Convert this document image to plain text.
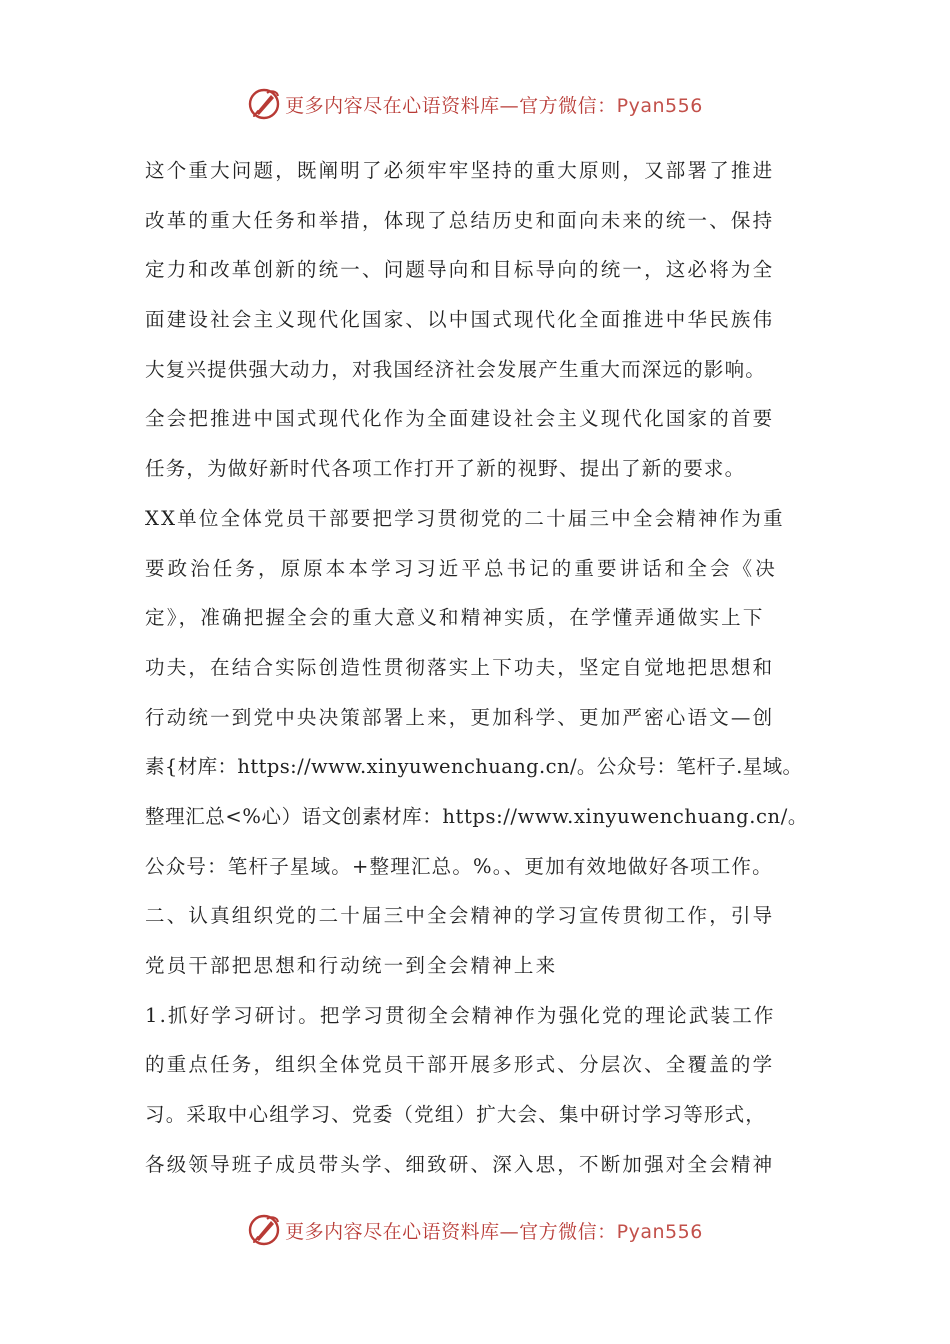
更多内容尽在心语资料库—官方微信：Pyan556
这个重大问题，既阐明了必须牢牢坚持的重大原则，又部署了推进
改革的重大任务和举措，体现了总结历史和面向未来的统一、保持
定力和改革创新的统一、问题导向和目标导向的统一，这必将为全
面建设社会主义现代化国家、以中国式现代化全面推进中华民族伟
大复兴提供强大动力，对我国经济社会发展产生重大而深远的影响。
全会把推进中国式现代化作为全面建设社会主义现代化国家的首要
任务，为做好新时代各项工作打开了新的视野、提出了新的要求。
XX单位全体党员干部要把学习贯彻党的二十届三中全会精神作为重
要政治任务，原原本本学习习近平总书记的重要讲话和全会《决
定》，准确把握全会的重大意义和精神实质，在学懂弄通做实上下
功夫，在结合实际创造性贯彻落实上下功夫，坚定自觉地把思想和
行动统一到党中央决策部署上来，更加科学、更加严密心语文—创
素{材库：https://www.xinyuwenchuang.cn/。公众号：笔杆子.星域。
整理汇总<%心）语文创素材库：https://www.xinyuwenchuang.cn/。
公众号：笔杆子星域。+整理汇总。%。、更加有效地做好各项工作。
二、认真组织党的二十届三中全会精神的学习宣传贯彻工作，引导
党员干部把思想和行动统一到全会精神上来
1.抓好学习研讨。把学习贯彻全会精神作为强化党的理论武装工作
的重点任务，组织全体党员干部开展多形式、分层次、全覆盖的学
习。采取中心组学习、党委（党组）扩大会、集中研讨学习等形式，
各级领导班子成员带头学、细致研、深入思，不断加强对全会精神
更多内容尽在心语资料库—官方微信：Pyan556
